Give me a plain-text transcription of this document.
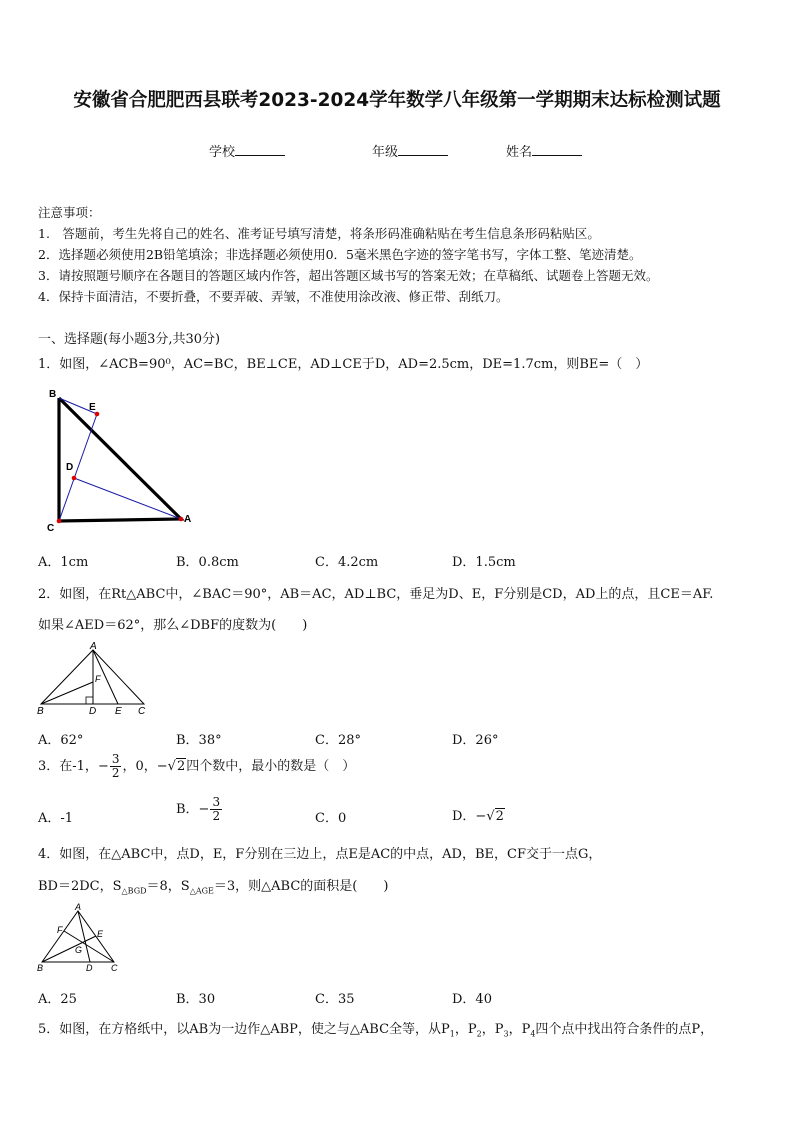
安徽省合肥肥西县联考2023-2024学年数学八年级第一学期期末达标检测试题
学校	年级	姓名
注意事项：
1.　答题前，考生先将自己的姓名、准考证号填写清楚，将条形码准确粘贴在考生信息条形码粘贴区。
2．选择题必须使用2B铅笔填涂；非选择题必须使用0．5毫米黑色字迹的签字笔书写，字体工整、笔迹清楚。
3．请按照题号顺序在各题目的答题区域内作答，超出答题区域书写的答案无效；在草稿纸、试题卷上答题无效。
4．保持卡面清洁，不要折叠，不要弄破、弄皱，不准使用涂改液、修正带、刮纸刀。
一、选择题(每小题3分,共30分)
1．如图，∠ACB=90⁰，AC=BC，BE⊥CE，AD⊥CE于D，AD=2.5cm，DE=1.7cm，则BE=（　）
B
E
D
C
A
A．1cm	B．0.8cm	C．4.2cm	D．1.5cm
2．如图，在Rt△ABC中，∠BAC＝90°，AB＝AC，AD⊥BC，垂足为D、E，F分别是CD，AD上的点，且CE＝AF.
如果∠AED＝62°，那么∠DBF的度数为(　　)
A
F
B	D E C
A．62°	B．38°	C．28°	D．26°
3．在-1，− $\frac{3}{2}$ ，0，−√2四个数中，最小的数是（　）
A．-1
B．− $\frac{3}{2}$	C．0	D．−√2
4．如图，在△ABC中，点D，E，F分别在三边上，点E是AC的中点，AD，BE，CF交于一点G，
BD＝2DC，$S_{\triangle BGD}=8$，$S_{\triangle AGE}=3$，则△ABC的面积是(　　)
A
F	E
G
B	D C
A．25	B．30	C．35	D．40
5．如图，在方格纸中，以AB为一边作△ABP，使之与△ABC全等，从$P_1$，$P_2$，$P_3$，$P_4$四个点中找出符合条件的点P，
